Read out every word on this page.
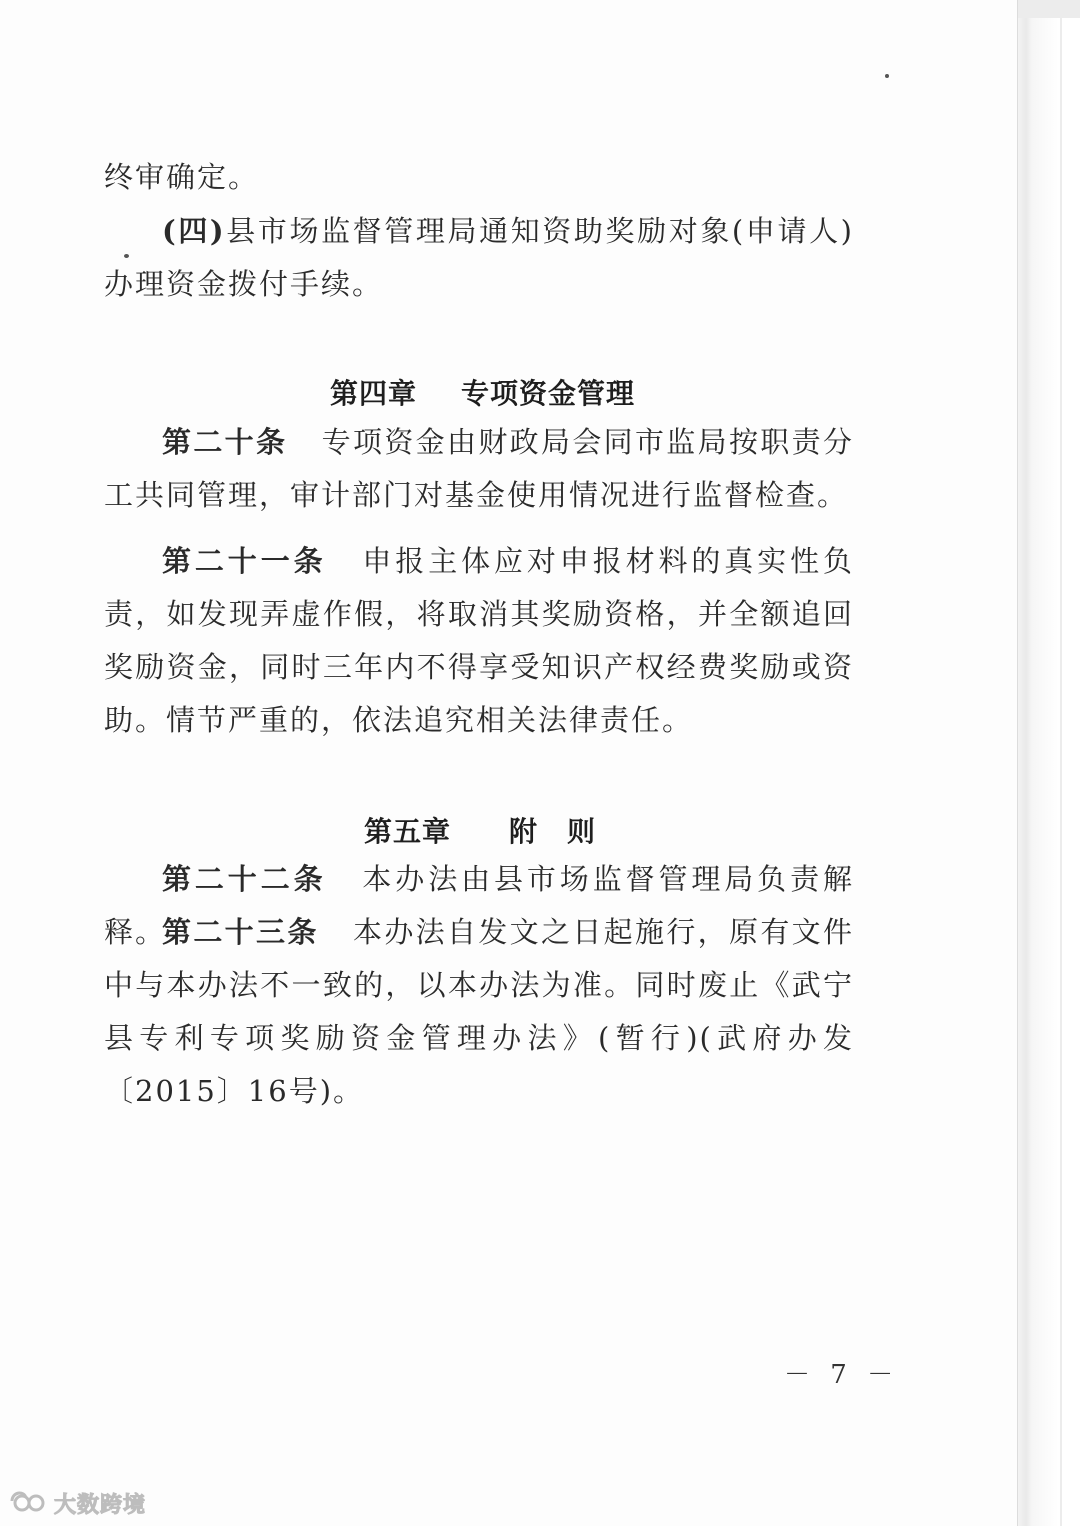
终审确定。

(四)县市场监督管理局通知资助奖励对象(申请人)办理资金拨付手续。

第四章 专项资金管理

第二十条 专项资金由财政局会同市监局按职责分工共同管理，审计部门对基金使用情况进行监督检查。

第二十一条 申报主体应对申报材料的真实性负责，如发现弄虚作假，将取消其奖励资格，并全额追回奖励资金，同时三年内不得享受知识产权经费奖励或资助。情节严重的，依法追究相关法律责任。

第五章 附　则

第二十二条 本办法由县市场监督管理局负责解释。

第二十三条 本办法自发文之日起施行，原有文件中与本办法不一致的，以本办法为准。同时废止《武宁县专利专项奖励资金管理办法》(暂行)(武府办发〔2015〕16号)。

－ 7 －
大数跨境
